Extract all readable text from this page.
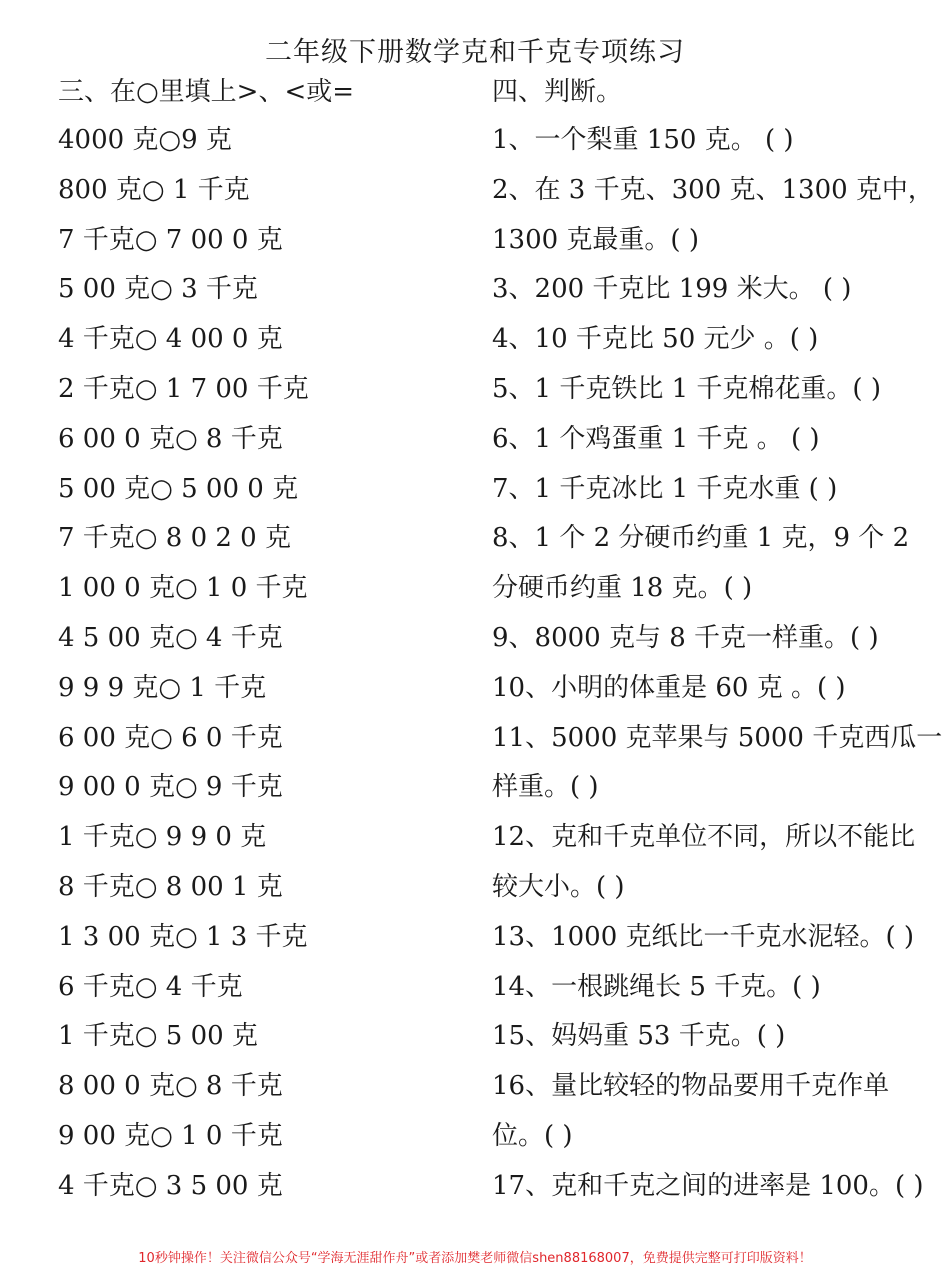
二年级下册数学克和千克专项练习
三、在○里填上>、<或=
4000 克○9 克
800 克○ 1 千克
7 千克○ 7 00 0 克
5 00 克○ 3 千克
4 千克○ 4 00 0 克
2 千克○ 1 7 00 千克
6 00 0 克○ 8 千克
5 00 克○ 5 00 0 克
7 千克○ 8 0 2 0 克
1 00 0 克○ 1 0 千克
4 5 00 克○ 4 千克
9 9 9 克○ 1 千克
6 00 克○ 6 0 千克
9 00 0 克○ 9 千克
1 千克○ 9 9 0 克
8 千克○ 8 00 1 克
1 3 00 克○ 1 3 千克
6 千克○ 4 千克
1 千克○ 5 00 克
8 00 0 克○ 8 千克
9 00 克○ 1 0 千克
4 千克○ 3 5 00 克
四、判断。
1、一个梨重 150 克。 ( )
2、在 3 千克、300 克、1300 克中，
1300 克最重。( )
3、200 千克比 199 米大。 ( )
4、10 千克比 50 元少 。( )
5、1 千克铁比 1 千克棉花重。( )
6、1 个鸡蛋重 1 千克 。 ( )
7、1 千克冰比 1 千克水重 ( )
8、1 个 2 分硬币约重 1 克，9 个 2
分硬币约重 18 克。( )
9、8000 克与 8 千克一样重。( )
10、小明的体重是 60 克 。( )
11、5000 克苹果与 5000 千克西瓜一
样重。( )
12、克和千克单位不同，所以不能比
较大小。( )
13、1000 克纸比一千克水泥轻。( )
14、一根跳绳长 5 千克。( )
15、妈妈重 53 千克。( )
16、量比较轻的物品要用千克作单
位。( )
17、克和千克之间的进率是 100。( )
10秒钟操作！关注微信公众号“学海无涯甜作舟”或者添加樊老师微信shen88168007，免费提供完整可打印版资料！
